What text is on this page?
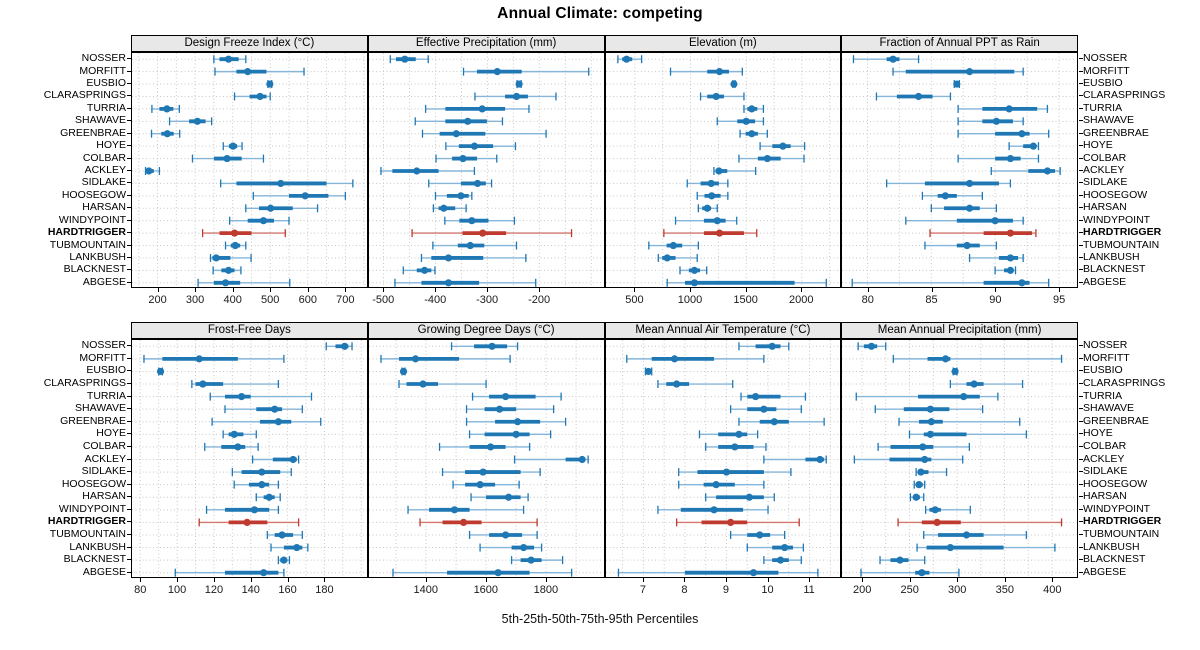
Annual Climate: competing
NOSSER	NOSSER
MORFITT	MORFITT
EUSBIO	EUSBIO
CLARASPRINGS	CLARASPRINGS
TURRIA	TURRIA
SHAWAVE	SHAWAVE
GREENBRAE	GREENBRAE
HOYE	HOYE
COLBAR	COLBAR
ACKLEY	ACKLEY
SIDLAKE	SIDLAKE
HOOSEGOW	HOOSEGOW
HARSAN	HARSAN
WINDYPOINT	WINDYPOINT
HARDTRIGGER	HARDTRIGGER
TUBMOUNTAIN	TUBMOUNTAIN
LANKBUSH	LANKBUSH
BLACKNEST	BLACKNEST
ABGESE	ABGESE
NOSSER	NOSSER
MORFITT	MORFITT
EUSBIO	EUSBIO
CLARASPRINGS	CLARASPRINGS
TURRIA	TURRIA
SHAWAVE	SHAWAVE
GREENBRAE	GREENBRAE
HOYE	HOYE
COLBAR	COLBAR
ACKLEY	ACKLEY
SIDLAKE	SIDLAKE
HOOSEGOW	HOOSEGOW
HARSAN	HARSAN
WINDYPOINT	WINDYPOINT
HARDTRIGGER	HARDTRIGGER
TUBMOUNTAIN	TUBMOUNTAIN
LANKBUSH	LANKBUSH
BLACKNEST	BLACKNEST
ABGESE	ABGESE
Design Freeze Index (°C)
200	300	400	500	600	700
Effective Precipitation (mm)
-500	-400	-300	-200
Elevation (m)
500	1000	1500	2000
Fraction of Annual PPT as Rain
80	85	90	95
Frost-Free Days
80	100	120	140	160	180
Growing Degree Days (°C)
1400	1600	1800
Mean Annual Air Temperature (°C)
7	8	9	10	11
Mean Annual Precipitation (mm)
200	250	300	350	400
5th-25th-50th-75th-95th Percentiles
